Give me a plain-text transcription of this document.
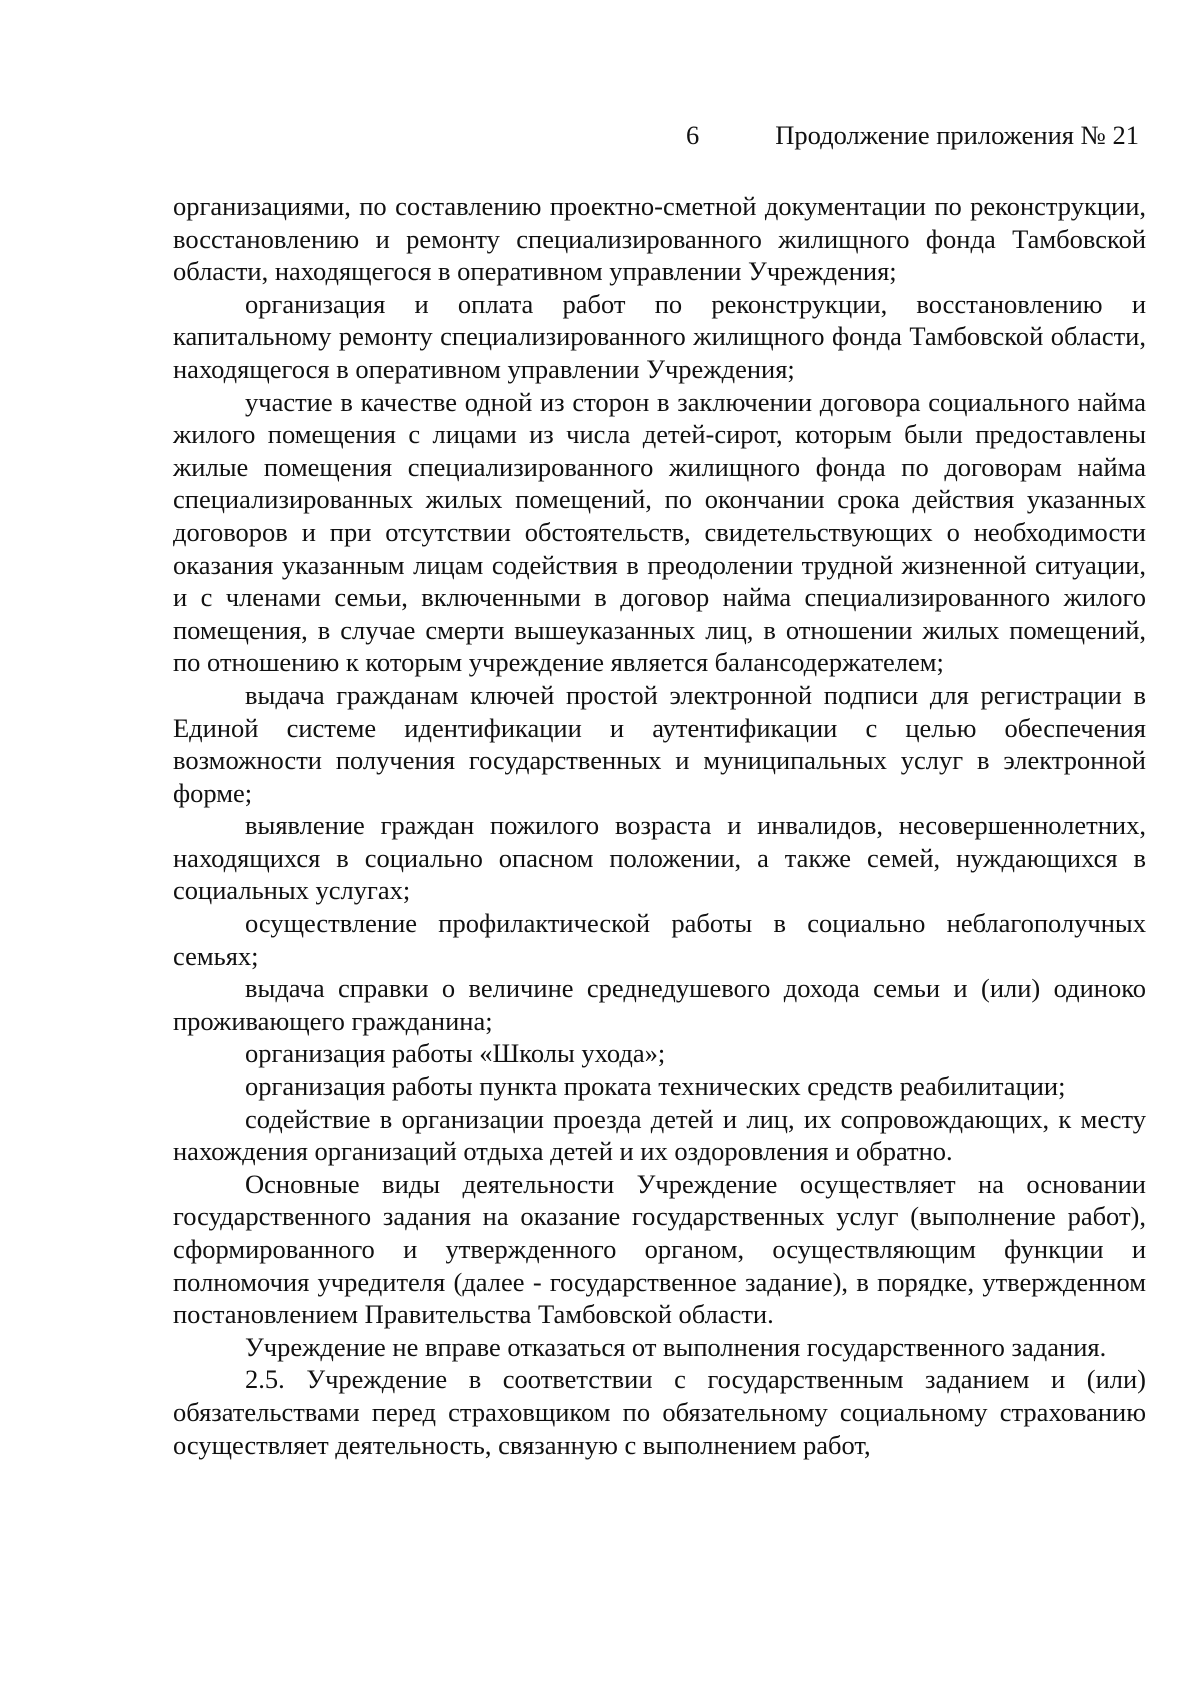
6	Продолжение приложения № 21

организациями, по составлению проектно-сметной документации по реконструкции, восстановлению и ремонту специализированного жилищного фонда Тамбовской области, находящегося в оперативном управлении Учреждения;

организация и оплата работ по реконструкции, восстановлению и капитальному ремонту специализированного жилищного фонда Тамбовской области, находящегося в оперативном управлении Учреждения;

участие в качестве одной из сторон в заключении договора социального найма жилого помещения с лицами из числа детей-сирот, которым были предоставлены жилые помещения специализированного жилищного фонда по договорам найма специализированных жилых помещений, по окончании срока действия указанных договоров и при отсутствии обстоятельств, свидетельствующих о необходимости оказания указанным лицам содействия в преодолении трудной жизненной ситуации, и с членами семьи, включенными в договор найма специализированного жилого помещения, в случае смерти вышеуказанных лиц, в отношении жилых помещений, по отношению к которым учреждение является балансодержателем;

выдача гражданам ключей простой электронной подписи для регистрации в Единой системе идентификации и аутентификации с целью обеспечения возможности получения государственных и муниципальных услуг в электронной форме;

выявление граждан пожилого возраста и инвалидов, несовершеннолетних, находящихся в социально опасном положении, а также семей, нуждающихся в социальных услугах;

осуществление профилактической работы в социально неблагополучных семьях;

выдача справки о величине среднедушевого дохода семьи и (или) одиноко проживающего гражданина;

организация работы «Школы ухода»;

организация работы пункта проката технических средств реабилитации;

содействие в организации проезда детей и лиц, их сопровождающих, к месту нахождения организаций отдыха детей и их оздоровления и обратно.

Основные виды деятельности Учреждение осуществляет на основании государственного задания на оказание государственных услуг (выполнение работ), сформированного и утвержденного органом, осуществляющим функции и полномочия учредителя (далее - государственное задание), в порядке, утвержденном постановлением Правительства Тамбовской области.

Учреждение не вправе отказаться от выполнения государственного задания.

2.5. Учреждение в соответствии с государственным заданием и (или) обязательствами перед страховщиком по обязательному социальному страхованию осуществляет деятельность, связанную с выполнением работ,
